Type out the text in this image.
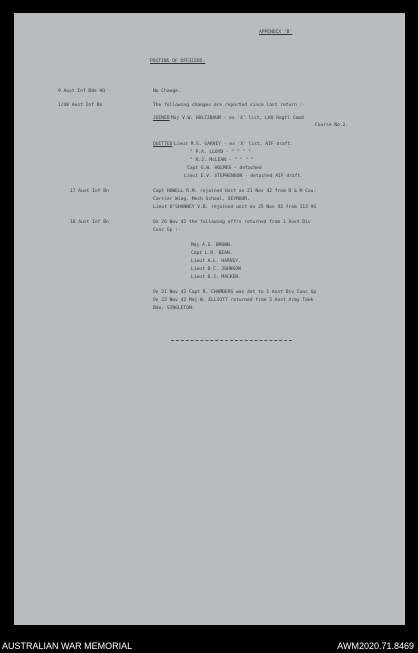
APPENDIX 'B'
POSTING OF OFFICERS.
9 Aust Inf Bde HQ -	No Change.
1/48 Aust Inf Bn	The following changes are reported since last return :-
JOINED Maj V.W. HOLTZBAUM - ex 'X' list, LHQ Regtl Comd
Course No.2.
QUITTED Lieut R.S. GARVEY - ex 'X' list, AIF draft.
" P.A. LLOYD - " " " "
" R.J. McLEAN - " " " "
Capt G.W. HOLMES - detached
Lieut E.V. STEPHENSON - detached AIF draft.
17 Aust Inf Bn	Capt HOWELL R.M. rejoined Unit on 21 Nov 42 from D & M Cou:
Carrier Wing, Mech School, SEYMOUR.
Lieut O'SHANNEY V.B. rejoined unit on 25 Nov 42 from 113 AG
18 Aust Inf Bn	On 26 Nov 42 the following offrs returned from 1 Aust Div
Conc Gp :-
Maj A.S. BROWN.
Capt L.R. DEAN.
Lieut A.L. HARVEY.
Lieut D.C. JOHNSON
Lieut D.J. MACKEN.
On 21 Nov 42 Capt R. CHAMBERS was det to 1 Aust Div Conc Gp
On 22 Nov 42 Maj W. ELLIOTT returned from 3 Aust Army Tank
Bde, SINGLETON.
AUSTRALIAN WAR MEMORIAL	AWM2020.71.8469
